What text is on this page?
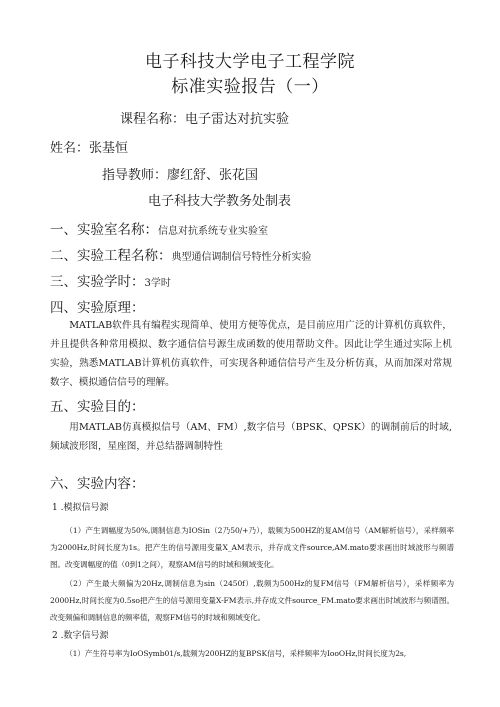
电子科技大学电子工程学院
标准实验报告（一）
课程名称：电子雷达对抗实验
姓名：张基恒
指导教师：廖红舒、张花国
电子科技大学教务处制表
一、实验室名称：信息对抗系统专业实验室
二、实验工程名称：典型通信调制信号特性分析实验
三、实验学时：3学时
四、实验原理：
MATLAB软件具有编程实现简单、使用方便等优点，是目前应用广泛的计算机仿真软件，并且提供各种常用模拟、数字通信信号源生成函数的使用帮助文件。因此让学生通过实际上机实验，熟悉MATLAB计算机仿真软件，可实现各种通信信号产生及分析仿真，从而加深对常规数字、模拟通信信号的理解。
五、实验目的：
用MATLAB仿真模拟信号（AM、FM）,数字信号（BPSK、QPSK）的调制前后的时域,频域波形图，星座图，并总结器调制特性
六、实验内容：
1 .模拟信号源
（1）产生调幅度为50%,调制信息为IOSin（2乃50/+乃），载频为500HZ的复AM信号（AM解析信号），采样频率为2000Hz,时间长度为1s。把产生的信号源用变量X_AM表示，并存成文件source,AM.mato要求画出时域波形与频谱图。改变调幅度的值（0到1之间），观察AM信号的时域和频域变化。
（2）产生最大频偏为20Hz,调制信息为sin（2450f）,载频为500Hz的复FM信号（FM解析信号），采样频率为2000Hz,时间长度为0.5so把产生的信号源用变量X-FM表示,并存成文件source_FM.mato要求画出时域波形与频谱图。改变频偏和调制信息的频率值，观察FM信号的时域和频域变化。
2 .数字信号源
（1）产生符号率为IoOSymb01/s,载频为200HZ的复BPSK信号，采样频率为IooOHz,时间长度为2s,
